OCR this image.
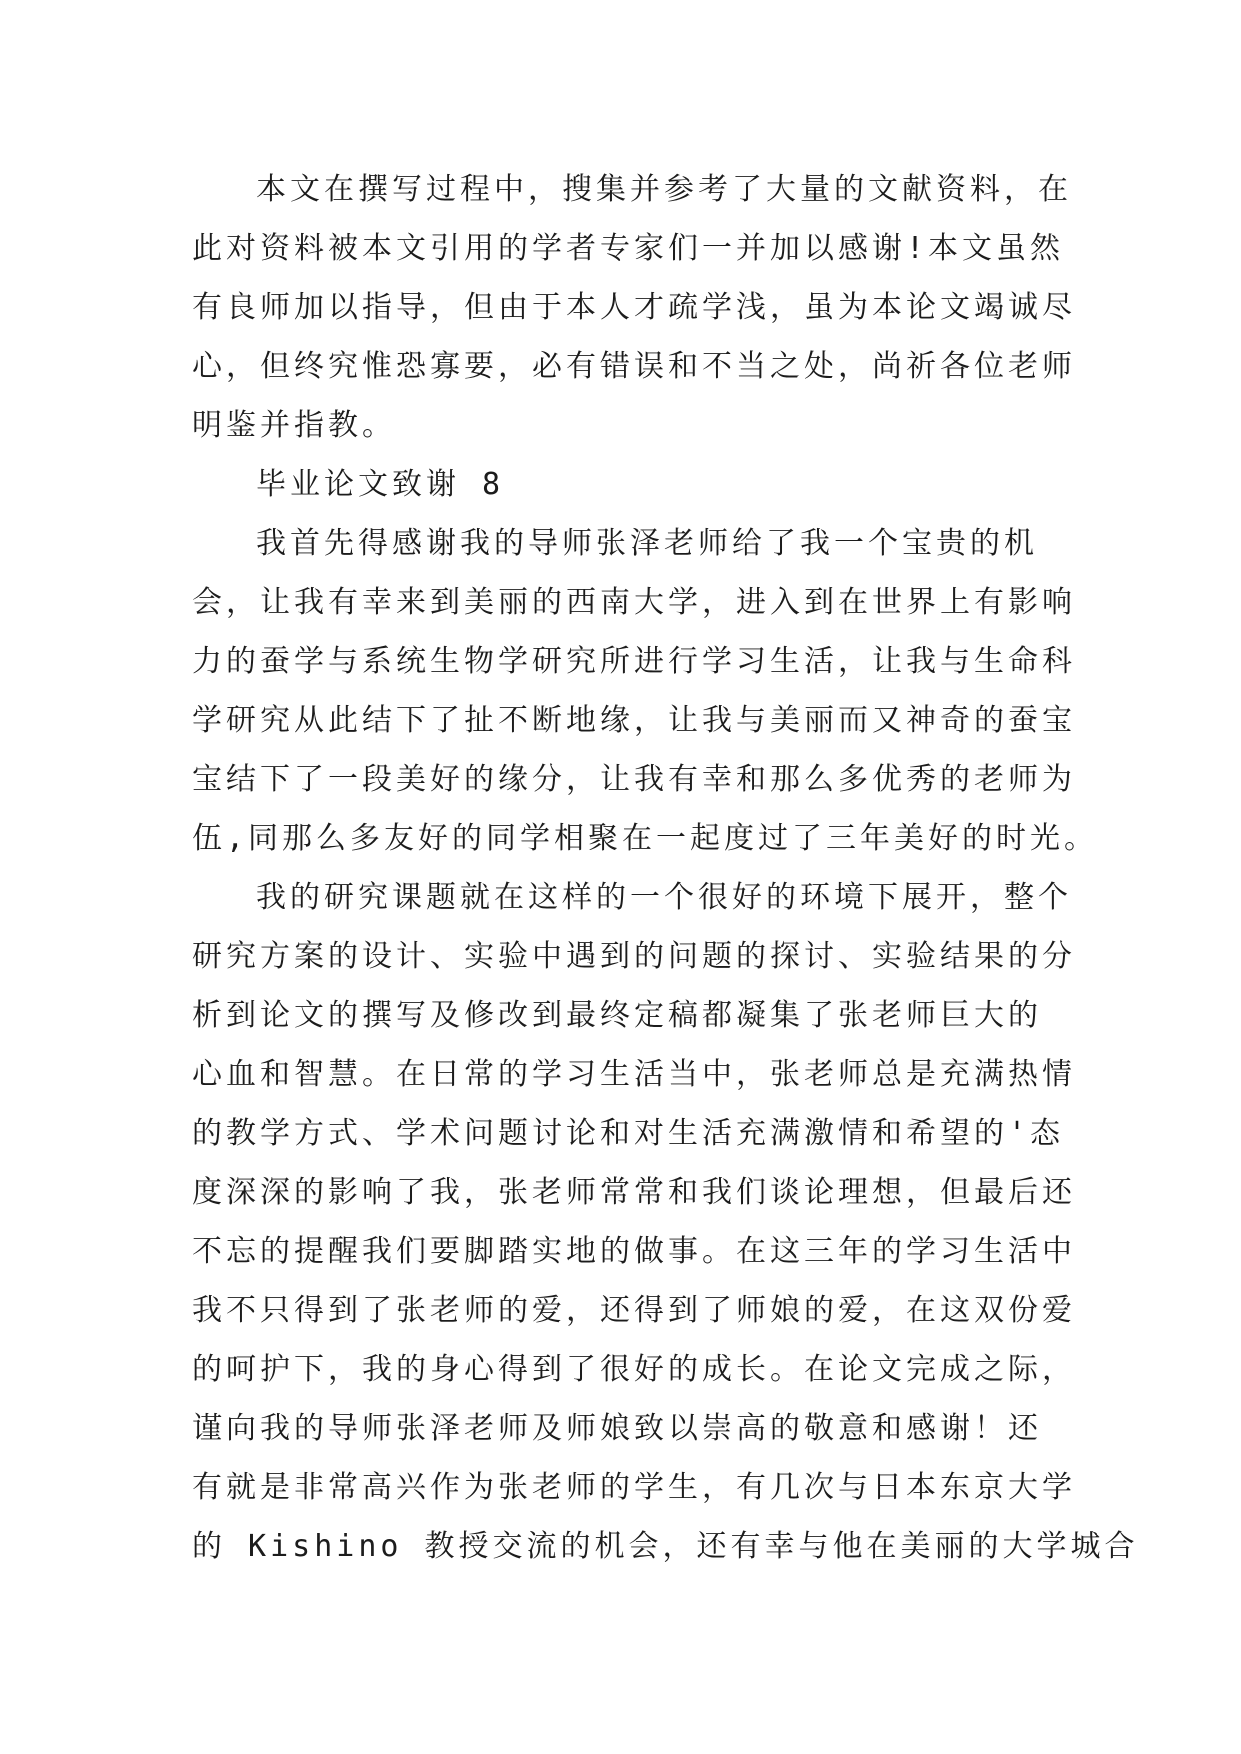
本文在撰写过程中，搜集并参考了大量的文献资料，在
此对资料被本文引用的学者专家们一并加以感谢!本文虽然
有良师加以指导，但由于本人才疏学浅，虽为本论文竭诚尽
心，但终究惟恐寡要，必有错误和不当之处，尚祈各位老师
明鉴并指教。
毕业论文致谢 8
我首先得感谢我的导师张泽老师给了我一个宝贵的机
会，让我有幸来到美丽的西南大学，进入到在世界上有影响
力的蚕学与系统生物学研究所进行学习生活，让我与生命科
学研究从此结下了扯不断地缘，让我与美丽而又神奇的蚕宝
宝结下了一段美好的缘分，让我有幸和那么多优秀的老师为
伍,同那么多友好的同学相聚在一起度过了三年美好的时光。
我的研究课题就在这样的一个很好的环境下展开，整个
研究方案的设计、实验中遇到的问题的探讨、实验结果的分
析到论文的撰写及修改到最终定稿都凝集了张老师巨大的
心血和智慧。在日常的学习生活当中，张老师总是充满热情
的教学方式、学术问题讨论和对生活充满激情和希望的'态
度深深的影响了我，张老师常常和我们谈论理想，但最后还
不忘的提醒我们要脚踏实地的做事。在这三年的学习生活中
我不只得到了张老师的爱，还得到了师娘的爱，在这双份爱
的呵护下，我的身心得到了很好的成长。在论文完成之际，
谨向我的导师张泽老师及师娘致以崇高的敬意和感谢！还
有就是非常高兴作为张老师的学生，有几次与日本东京大学
的 Kishino 教授交流的机会，还有幸与他在美丽的大学城合
